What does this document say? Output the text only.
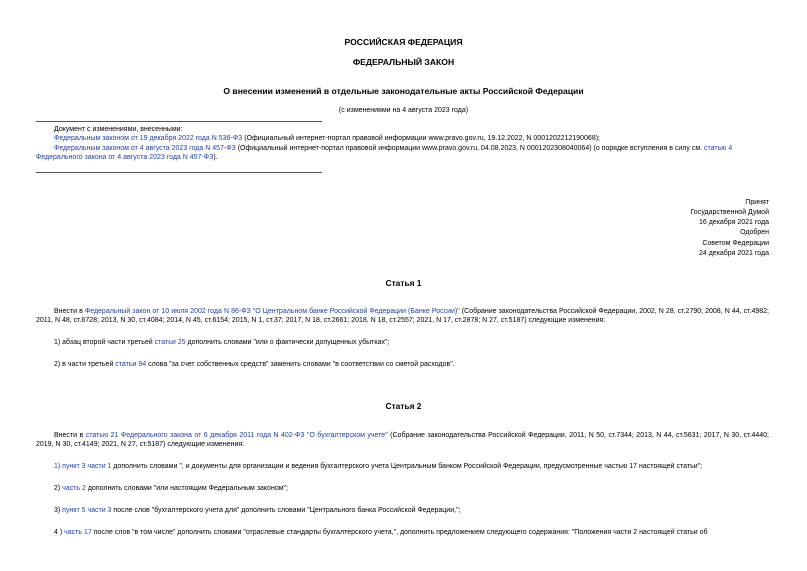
РОССИЙСКАЯ ФЕДЕРАЦИЯ
ФЕДЕРАЛЬНЫЙ ЗАКОН
О внесении изменений в отдельные законодательные акты Российской Федерации
(с изменениями на 4 августа 2023 года)
Документ с изменениями, внесенными:
Федеральным законом от 19 декабря 2022 года N 536-ФЗ (Официальный интернет-портал правовой информации www.pravo.gov.ru, 19.12.2022, N 0001202212190068);
Федеральным законом от 4 августа 2023 года N 457-ФЗ (Официальный интернет-портал правовой информации www.pravo.gov.ru, 04.08.2023, N 0001202308040064) (о порядке вступления в силу см. статью 4 Федерального закона от 4 августа 2023 года N 457-ФЗ).
Принят
Государственной Думой
16 декабря 2021 года
Одобрен
Советом Федерации
24 декабря 2021 года
Статья 1
Внести в Федеральный закон от 10 июля 2002 года N 86-ФЗ "О Центральном банке Российской Федерации (Банке России)" (Собрание законодательства Российской Федерации, 2002, N 28, ст.2790; 2008, N 44, ст.4982; 2011, N 48, ст.6728; 2013, N 30, ст.4084; 2014, N 45, ст.6154; 2015, N 1, ст.37; 2017, N 18, ст.2661; 2018, N 18, ст.2557; 2021, N 17, ст.2878; N 27, ст.5187) следующие изменения:
1) абзац второй части третьей статьи 25 дополнить словами "или о фактически допущенных убытках";
2) в части третьей статьи 94 слова "за счет собственных средств" заменить словами "в соответствии со сметой расходов".
Статья 2
Внести в статью 21 Федерального закона от 6 декабря 2011 года N 402-ФЗ "О бухгалтерском учете" (Собрание законодательства Российской Федерации, 2011, N 50, ст.7344; 2013, N 44, ст.5631; 2017, N 30, ст.4440; 2019, N 30, ст.4149; 2021, N 27, ст.5187) следующие изменения:
1) пункт 3 части 1 дополнить словами ", и документы для организации и ведения бухгалтерского учета Центральным банком Российской Федерации, предусмотренные частью 17 настоящей статьи";
2) часть 2 дополнить словами "или настоящим Федеральным законом";
3) пункт 5 части 3 после слов "бухгалтерского учета для" дополнить словами "Центрального банка Российской Федерации,";
4 ) часть 17 после слов "в том числе" дополнить словами "отраслевые стандарты бухгалтерского учета,", дополнить предложением следующего содержания: "Положения части 2 настоящей статьи об
